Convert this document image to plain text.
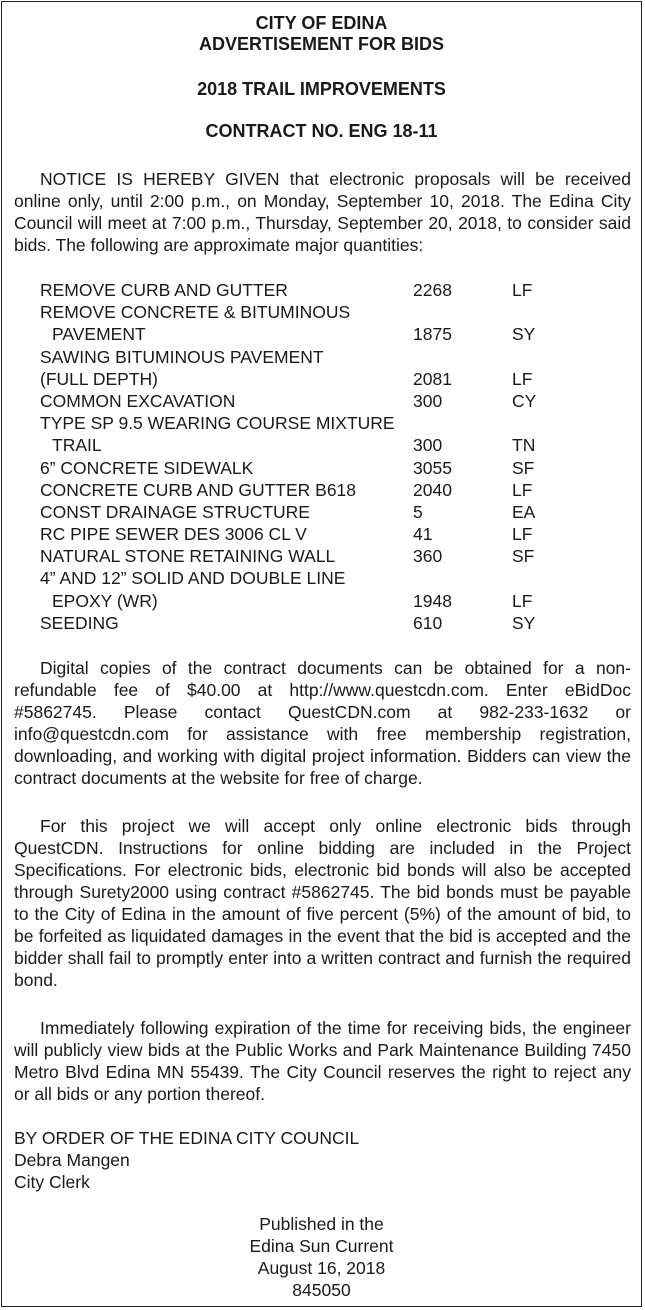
CITY OF EDINA
ADVERTISEMENT FOR BIDS
2018 TRAIL IMPROVEMENTS
CONTRACT NO. ENG 18-11

NOTICE IS HEREBY GIVEN that electronic proposals will be received online only, until 2:00 p.m., on Monday, September 10, 2018. The Edina City Council will meet at 7:00 p.m., Thursday, September 20, 2018, to consider said bids. The following are approximate major quantities:

REMOVE CURB AND GUTTER	2268	LF
REMOVE CONCRETE & BITUMINOUS
PAVEMENT	1875	SY
SAWING BITUMINOUS PAVEMENT
(FULL DEPTH)	2081	LF
COMMON EXCAVATION	300	CY
TYPE SP 9.5 WEARING COURSE MIXTURE
TRAIL	300	TN
6” CONCRETE SIDEWALK	3055	SF
CONCRETE CURB AND GUTTER B618	2040	LF
CONST DRAINAGE STRUCTURE	5	EA
RC PIPE SEWER DES 3006 CL V	41	LF
NATURAL STONE RETAINING WALL	360	SF
4” AND 12” SOLID AND DOUBLE LINE
EPOXY (WR)	1948	LF
SEEDING	610	SY

Digital copies of the contract documents can be obtained for a non-refundable fee of $40.00 at http://www.questcdn.com. Enter eBidDoc #5862745. Please contact QuestCDN.com at 982-233-1632 or info@questcdn.com for assistance with free membership registration, downloading, and working with digital project information. Bidders can view the contract documents at the website for free of charge.

For this project we will accept only online electronic bids through QuestCDN. Instructions for online bidding are included in the Project Specifications. For electronic bids, electronic bid bonds will also be accepted through Surety2000 using contract #5862745. The bid bonds must be payable to the City of Edina in the amount of five percent (5%) of the amount of bid, to be forfeited as liquidated damages in the event that the bid is accepted and the bidder shall fail to promptly enter into a written contract and furnish the required bond.

Immediately following expiration of the time for receiving bids, the engineer will publicly view bids at the Public Works and Park Maintenance Building 7450 Metro Blvd Edina MN 55439. The City Council reserves the right to reject any or all bids or any portion thereof.

BY ORDER OF THE EDINA CITY COUNCIL
Debra Mangen
City Clerk
Published in the
Edina Sun Current
August 16, 2018
845050
